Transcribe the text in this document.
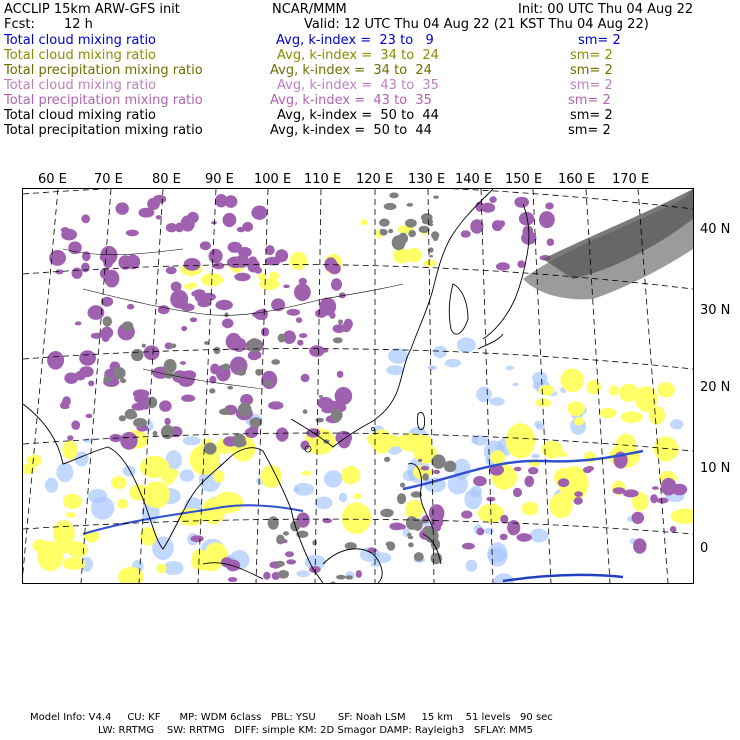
ACCLIP 15km ARW-GFS init	NCAR/MMM	Init: 00 UTC Thu 04 Aug 22
Fcst: 12 h	Valid: 12 UTC Thu 04 Aug 22 (21 KST Thu 04 Aug 22)
Total cloud mixing ratio	Avg, k-index =  23 to   9	sm= 2
Total cloud mixing ratio	Avg, k-index =  34 to  24	sm= 2
Total precipitation mixing ratio	Avg, k-index =  34 to  24	sm= 2
Total cloud mixing ratio	Avg, k-index =  43 to  35	sm= 2
Total precipitation mixing ratio	Avg, k-index =  43 to  35	sm= 2
Total cloud mixing ratio	Avg, k-index =  50 to  44	sm= 2
Total precipitation mixing ratio	Avg, k-index =  50 to  44	sm= 2
60 E 70 E 80 E 90 E 100 E 110 E 120 E 130 E 140 E 150 E 160 E 170 E
40 N
30 N
20 N
10 N
0
Model Info: V4.4     CU: KF      MP: WDM 6class   PBL: YSU       SF: Noah LSM     15 km    51 levels   90 sec
LW: RRTMG    SW: RRTMG   DIFF: simple KM: 2D Smagor DAMP: Rayleigh3   SFLAY: MM5
